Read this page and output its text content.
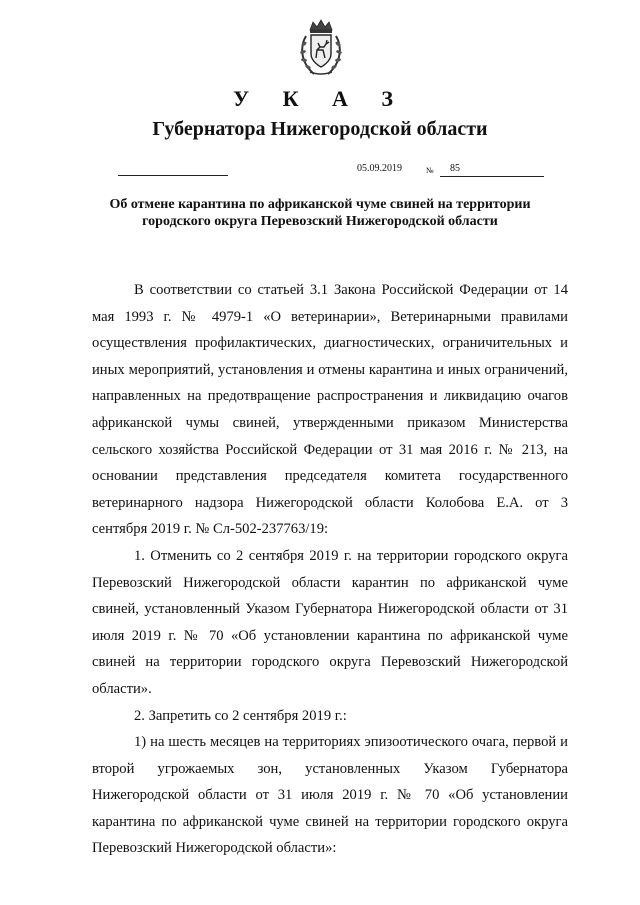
У К А З
Губернатора Нижегородской области
05.09.2019	№ 85
Об отмене карантина по африканской чуме свиней на территории городского округа Перевозский Нижегородской области

В соответствии со статьей 3.1 Закона Российской Федерации от 14 мая 1993 г. № 4979-1 «О ветеринарии», Ветеринарными правилами осуществления профилактических, диагностических, ограничительных и иных мероприятий, установления и отмены карантина и иных ограничений, направленных на предотвращение распространения и ликвидацию очагов африканской чумы свиней, утвержденными приказом Министерства сельского хозяйства Российской Федерации от 31 мая 2016 г. № 213, на основании представления председателя комитета государственного ветеринарного надзора Нижегородской области Колобова Е.А. от 3 сентября 2019 г. № Сл-502-237763/19:

1. Отменить со 2 сентября 2019 г. на территории городского округа Перевозский Нижегородской области карантин по африканской чуме свиней, установленный Указом Губернатора Нижегородской области от 31 июля 2019 г. № 70 «Об установлении карантина по африканской чуме свиней на территории городского округа Перевозский Нижегородской области».

2. Запретить со 2 сентября 2019 г.:

1) на шесть месяцев на территориях эпизоотического очага, первой и второй угрожаемых зон, установленных Указом Губернатора Нижегородской области от 31 июля 2019 г. № 70 «Об установлении карантина по африканской чуме свиней на территории городского округа Перевозский Нижегородской области»:
